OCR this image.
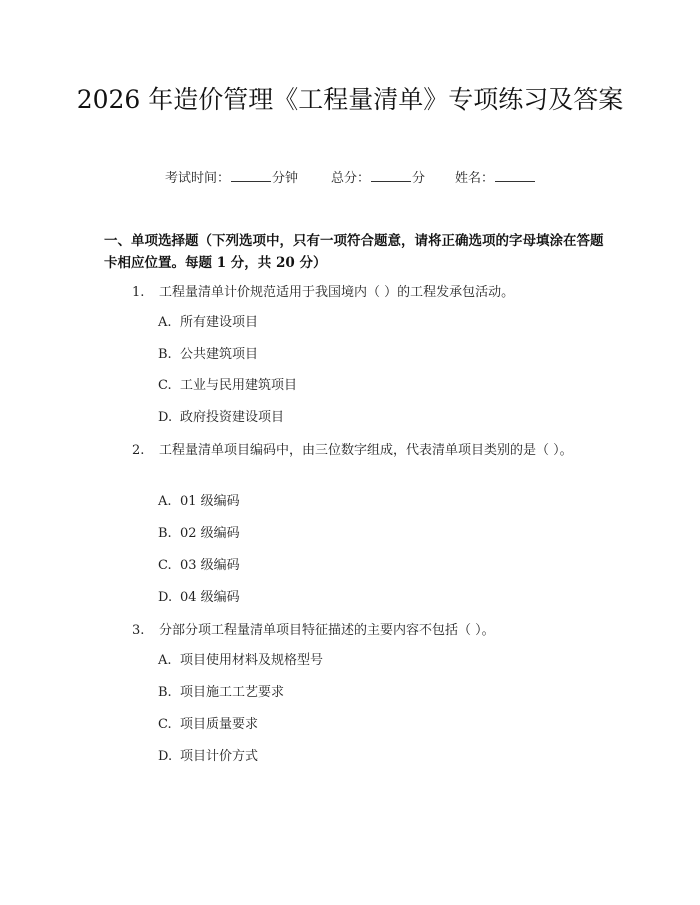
2026 年造价管理《工程量清单》专项练习及答案
考试时间：	分钟	总分：	分 姓名：
一、单项选择题（下列选项中，只有一项符合题意，请将正确选项的字母填涂在答题卡相应位置。每题 1 分，共 20 分）
1.	工程量清单计价规范适用于我国境内（ ）的工程发承包活动。
A. 所有建设项目
B. 公共建筑项目
C. 工业与民用建筑项目
D. 政府投资建设项目
2.	工程量清单项目编码中，由三位数字组成，代表清单项目类别的是（ ）。
A. 01 级编码
B. 02 级编码
C. 03 级编码
D. 04 级编码
3.	分部分项工程量清单项目特征描述的主要内容不包括（ ）。
A. 项目使用材料及规格型号
B. 项目施工工艺要求
C. 项目质量要求
D. 项目计价方式
